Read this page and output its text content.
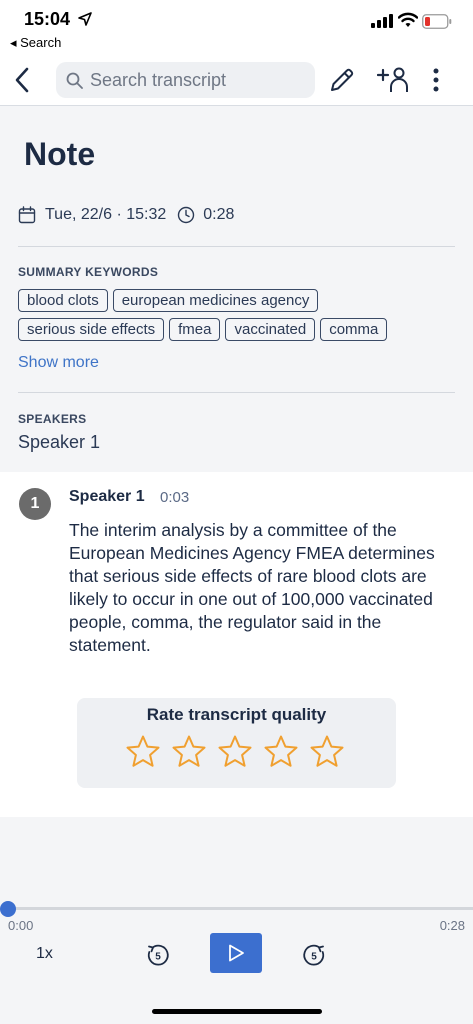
15:04
◂ Search
Search transcript
Note
Tue, 22/6 · 15:32 0:28
SUMMARY KEYWORDS
blood clots	european medicines agency
serious side effects	fmea	vaccinated	comma
Show more
SPEAKERS
Speaker 1
1	Speaker 1 0:03

The interim analysis by a committee of the European Medicines Agency FMEA determines that serious side effects of rare blood clots are likely to occur in one out of 100,000 vaccinated people, comma, the regulator said in the statement.

Rate transcript quality
0:00	0:28
1x	5	5
